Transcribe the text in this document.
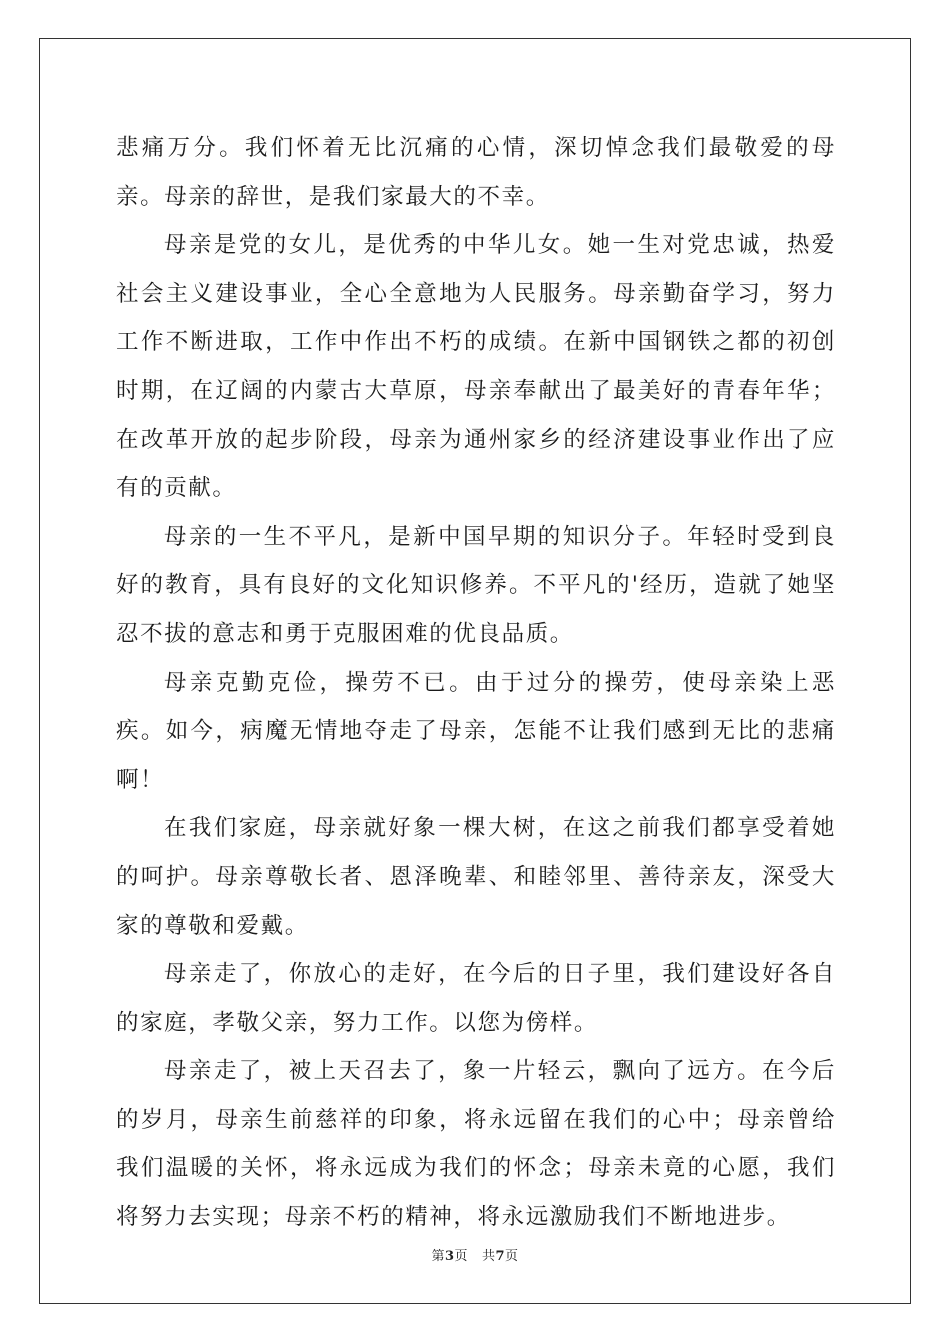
悲痛万分。我们怀着无比沉痛的心情，深切悼念我们最敬爱的母亲。母亲的辞世，是我们家最大的不幸。

母亲是党的女儿，是优秀的中华儿女。她一生对党忠诚，热爱社会主义建设事业，全心全意地为人民服务。母亲勤奋学习，努力工作不断进取，工作中作出不朽的成绩。在新中国钢铁之都的初创时期，在辽阔的内蒙古大草原，母亲奉献出了最美好的青春年华；在改革开放的起步阶段，母亲为通州家乡的经济建设事业作出了应有的贡献。

母亲的一生不平凡，是新中国早期的知识分子。年轻时受到良好的教育，具有良好的文化知识修养。不平凡的'经历，造就了她坚忍不拔的意志和勇于克服困难的优良品质。

母亲克勤克俭，操劳不已。由于过分的操劳，使母亲染上恶疾。如今，病魔无情地夺走了母亲，怎能不让我们感到无比的悲痛啊！

在我们家庭，母亲就好象一棵大树，在这之前我们都享受着她的呵护。母亲尊敬长者、恩泽晚辈、和睦邻里、善待亲友，深受大家的尊敬和爱戴。

母亲走了，你放心的走好，在今后的日子里，我们建设好各自的家庭，孝敬父亲，努力工作。以您为傍样。

母亲走了，被上天召去了，象一片轻云，飘向了远方。在今后的岁月，母亲生前慈祥的印象，将永远留在我们的心中；母亲曾给我们温暖的关怀，将永远成为我们的怀念；母亲未竟的心愿，我们将努力去实现；母亲不朽的精神，将永远激励我们不断地进步。

第3页 共7页
